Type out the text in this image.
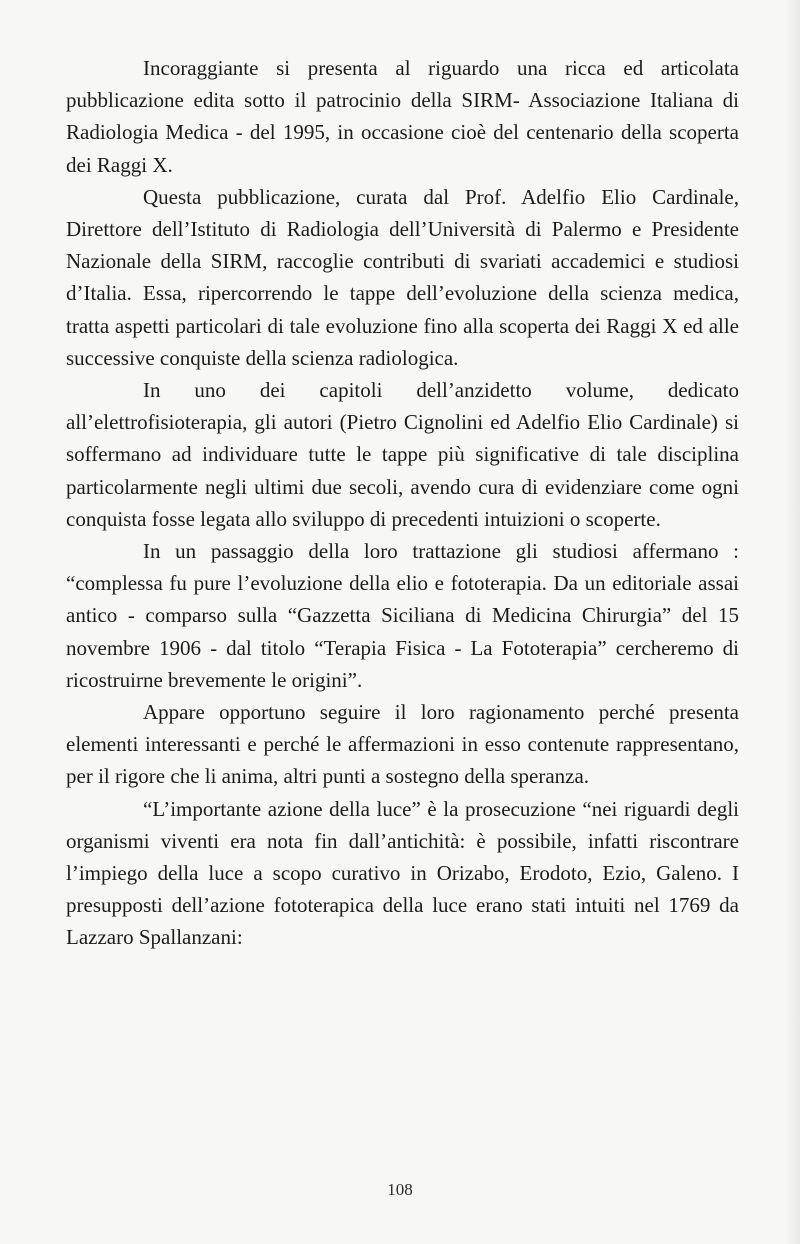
Incoraggiante si presenta al riguardo una ricca ed articolata pubblicazione edita sotto il patrocinio della SIRM- Associazione Italiana di Radiologia Medica - del 1995, in occasione cioè del centenario della scoperta dei Raggi X.

Questa pubblicazione, curata dal Prof. Adelfio Elio Cardinale, Direttore dell’Istituto di Radiologia dell’Università di Palermo e Presidente Nazionale della SIRM, raccoglie contributi di svariati accademici e studiosi d’Italia. Essa, ripercorrendo le tappe dell’evoluzione della scienza medica, tratta aspetti particolari di tale evoluzione fino alla scoperta dei Raggi X ed alle successive conquiste della scienza radiologica.

In uno dei capitoli dell’anzidetto volume, dedicato all’elettrofisioterapia, gli autori (Pietro Cignolini ed Adelfio Elio Cardinale) si soffermano ad individuare tutte le tappe più significative di tale disciplina particolarmente negli ultimi due secoli, avendo cura di evidenziare come ogni conquista fosse legata allo sviluppo di precedenti intuizioni o scoperte.

In un passaggio della loro trattazione gli studiosi affermano : “complessa fu pure l’evoluzione della elio e fototerapia. Da un editoriale assai antico - comparso sulla “Gazzetta Siciliana di Medicina Chirurgia” del 15 novembre 1906 - dal titolo “Terapia Fisica - La Fototerapia” cercheremo di ricostruirne brevemente le origini”.

Appare opportuno seguire il loro ragionamento perché presenta elementi interessanti e perché le affermazioni in esso contenute rappresentano, per il rigore che li anima, altri punti a sostegno della speranza.

“L’importante azione della luce” è la prosecuzione “nei riguardi degli organismi viventi era nota fin dall’antichità: è possibile, infatti riscontrare l’impiego della luce a scopo curativo in Orizabo, Erodoto, Ezio, Galeno. I presupposti dell’azione fototerapica della luce erano stati intuiti nel 1769 da Lazzaro Spallanzani:

108
